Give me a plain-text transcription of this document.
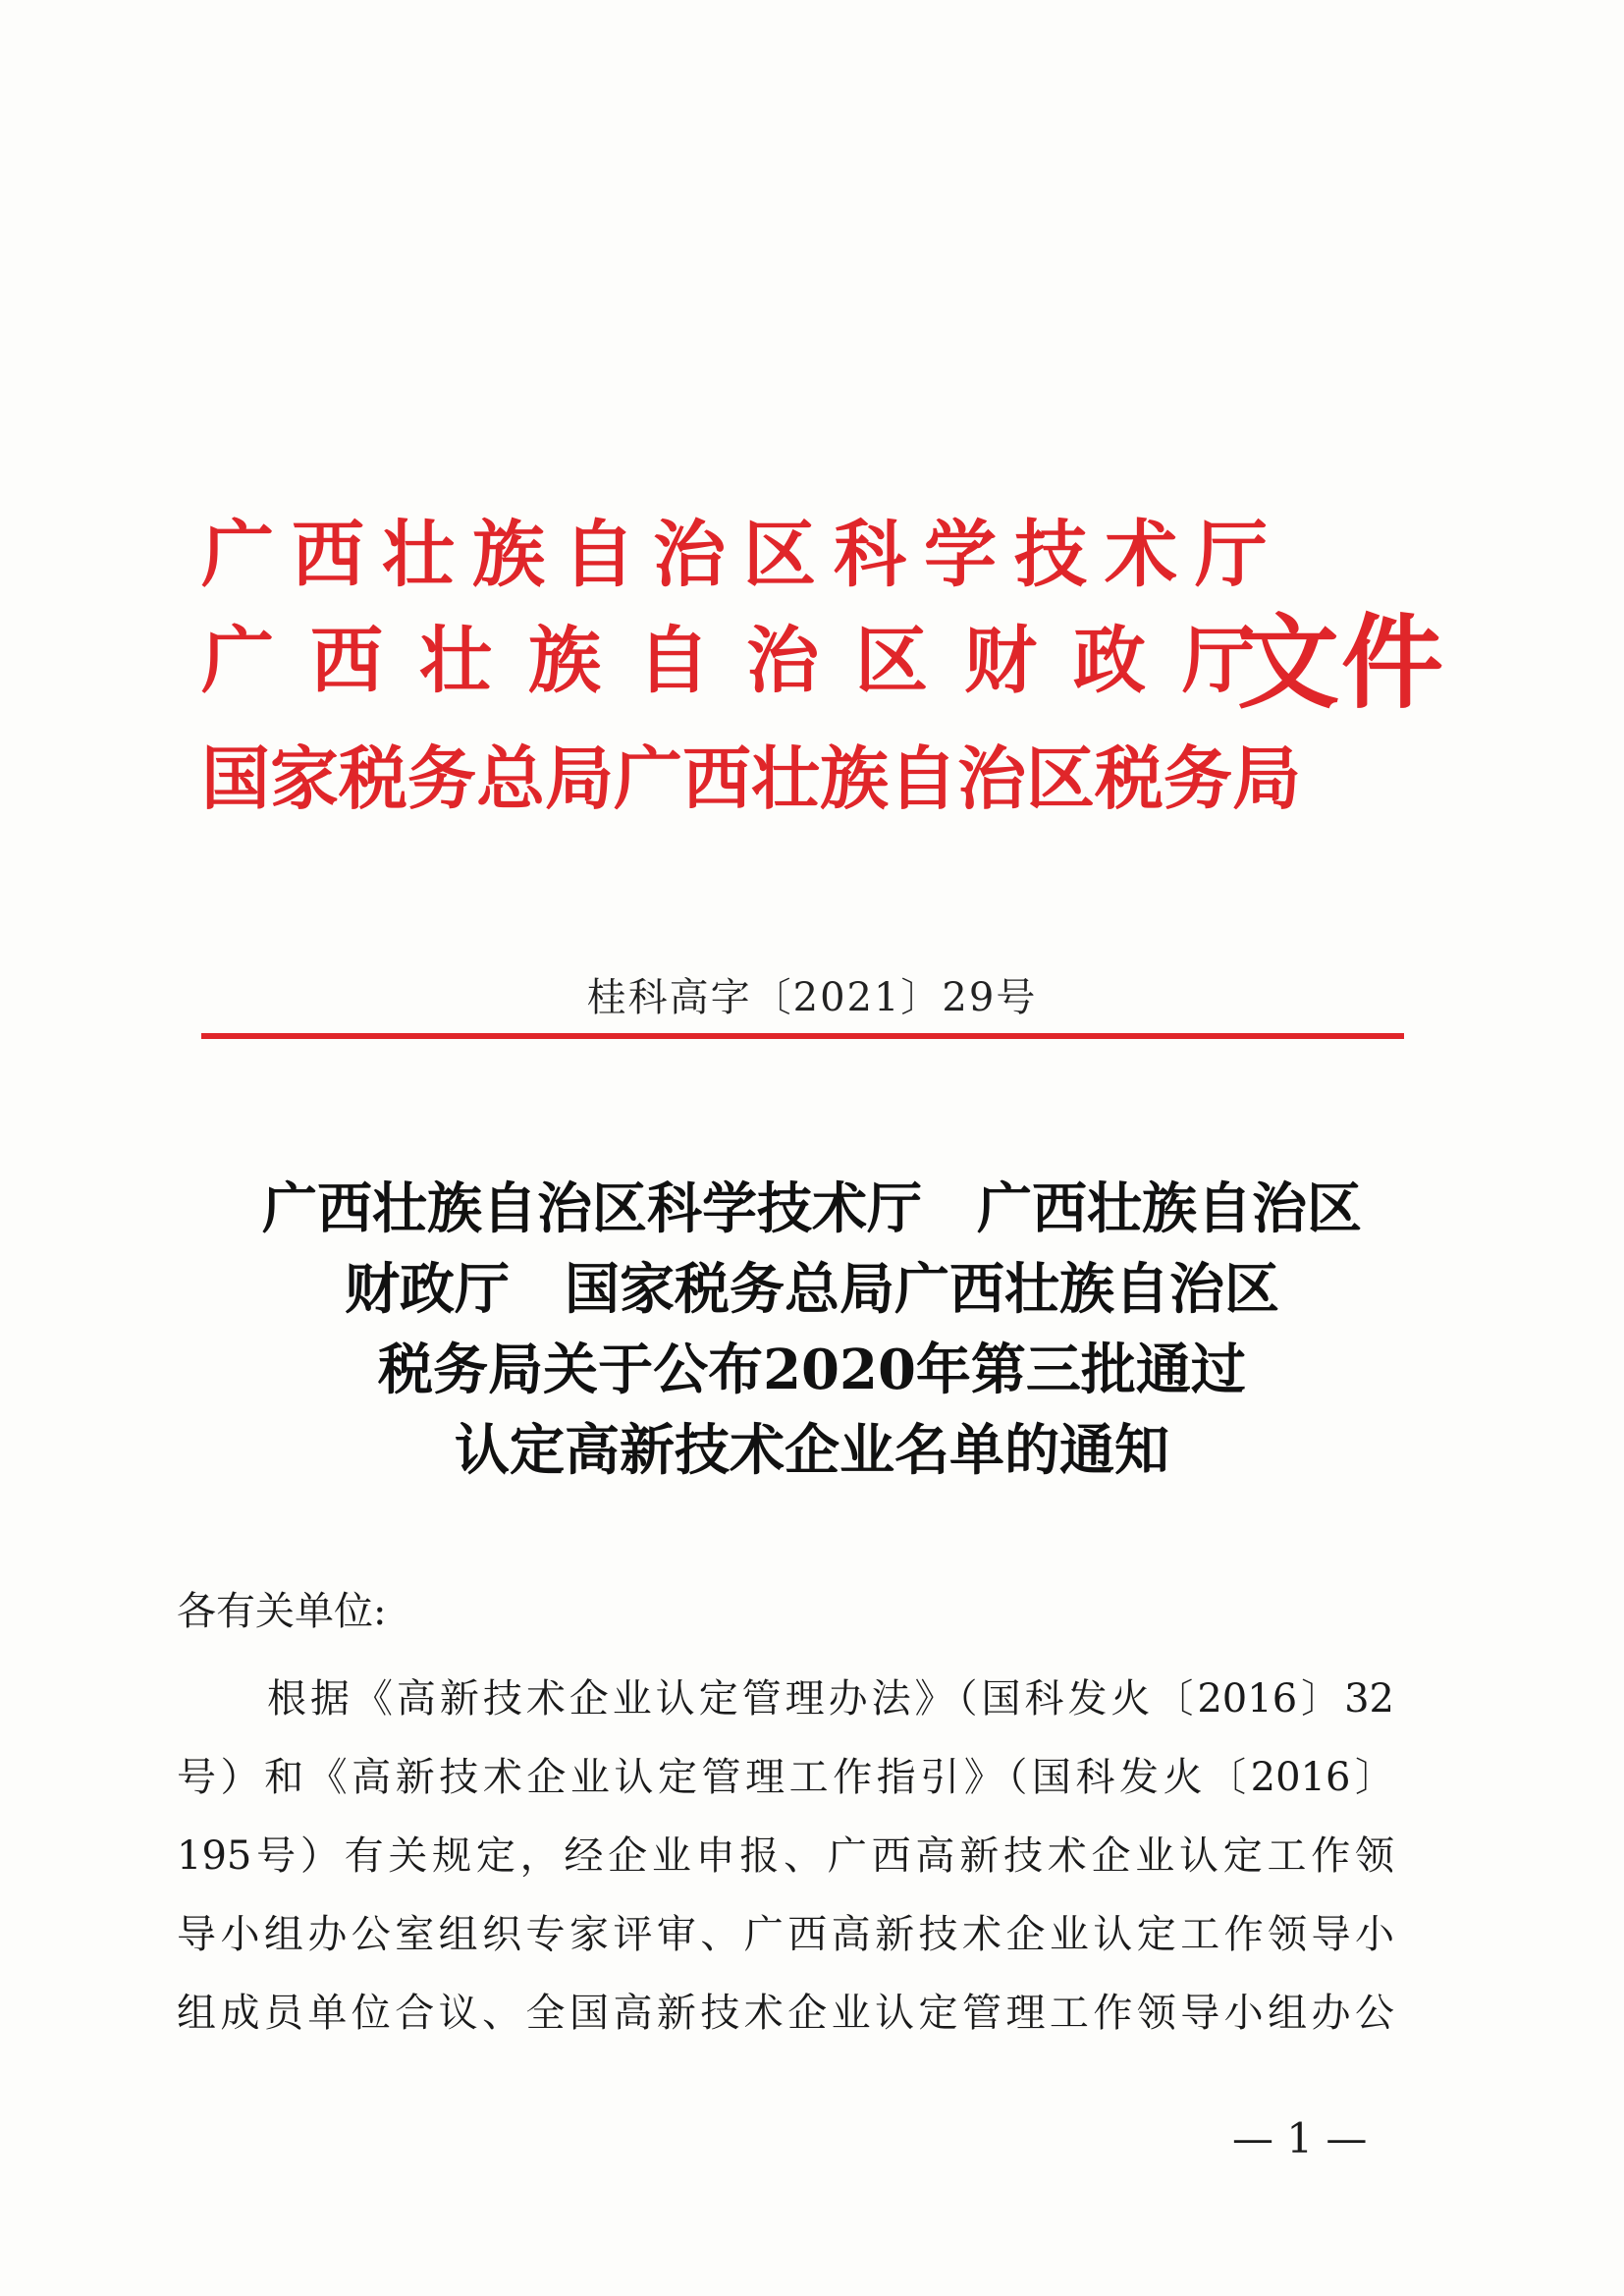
广西壮族自治区科学技术厅
广西壮族自治区财政厅
国家税务总局广西壮族自治区税务局
文件
桂科高字〔2021〕29号
广西壮族自治区科学技术厅　广西壮族自治区
财政厅　国家税务总局广西壮族自治区
税务局关于公布2020年第三批通过
认定高新技术企业名单的通知
各有关单位:
根据《高新技术企业认定管理办法》（国科发火〔2016〕32
号）和《高新技术企业认定管理工作指引》（国科发火〔2016〕
195号）有关规定，经企业申报、广西高新技术企业认定工作领
导小组办公室组织专家评审、广西高新技术企业认定工作领导小
组成员单位合议、全国高新技术企业认定管理工作领导小组办公
— 1 —
